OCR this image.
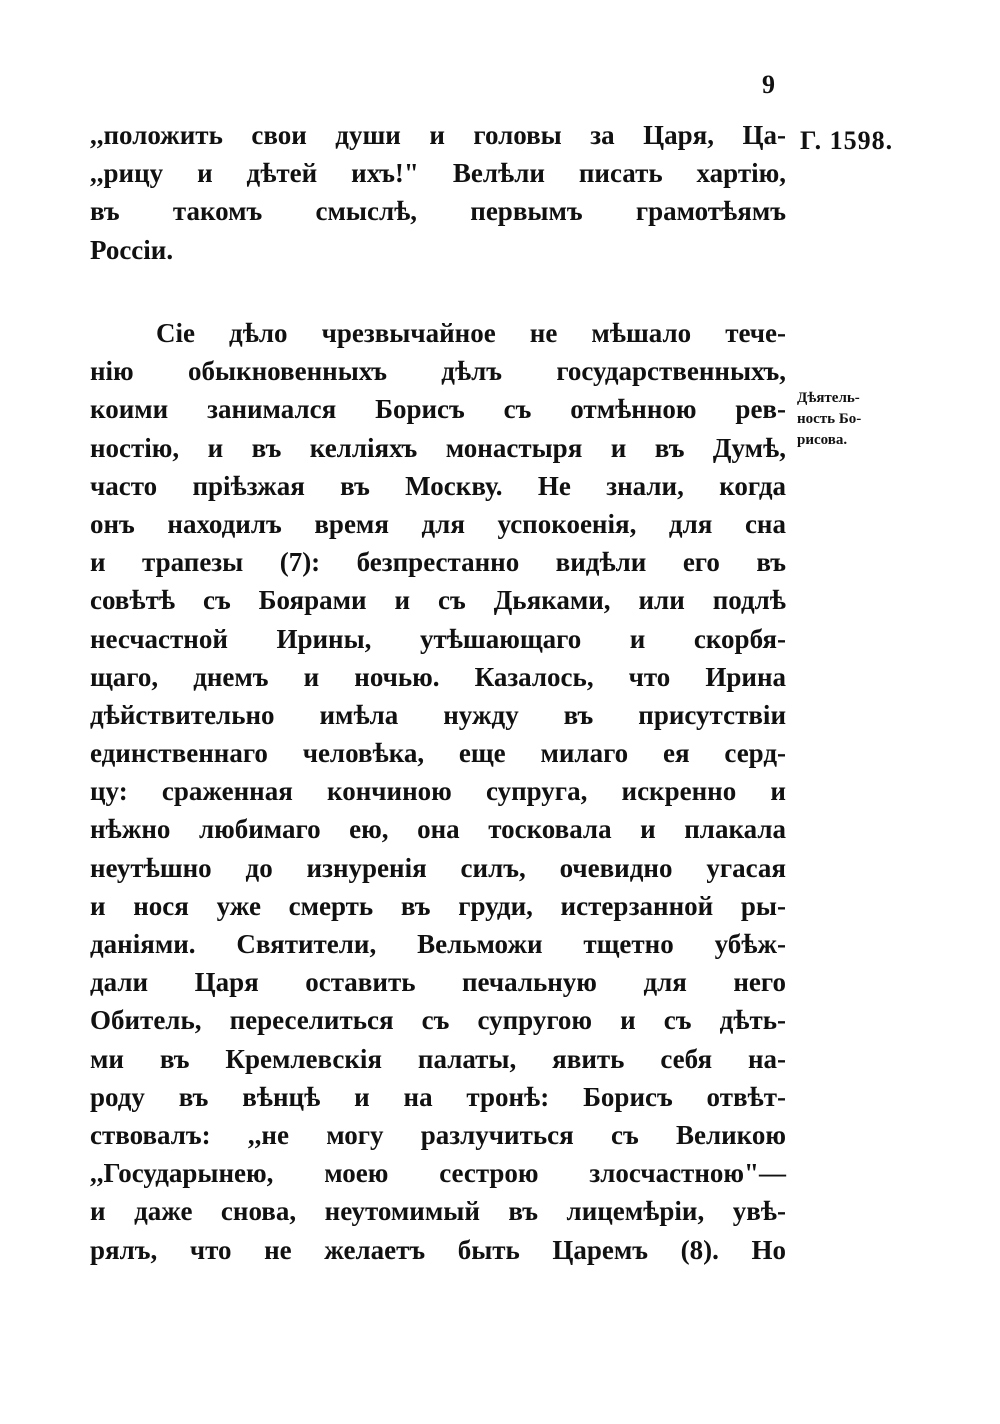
9
Г. 1598.
Дѣятель-
ность Бо-
рисова.
,,положить свои души и головы за Царя, Ца-
,,рицу и дѣтей ихъ!" Велѣли писать хартію,
въ такомъ смыслѣ, первымъ грамотѣямъ
Россіи.
Сіе дѣло чрезвычайное не мѣшало тече-
нію обыкновенныхъ дѣлъ государственныхъ,
коими занимался Борисъ съ отмѣнною рев-
ностію, и въ келліяхъ монастыря и въ Думѣ,
часто пріѣзжая въ Москву. Не знали, когда
онъ находилъ время для успокоенія, для сна
и трапезы (7): безпрестанно видѣли его въ
совѣтѣ съ Боярами и съ Дьяками, или подлѣ
несчастной Ирины, утѣшающаго и скорбя-
щаго, днемъ и ночью. Казалось, что Ирина
дѣйствительно имѣла нужду въ присутствіи
единственнаго человѣка, еще милаго ея серд-
цу: сраженная кончиною супруга, искренно и
нѣжно любимаго ею, она тосковала и плакала
неутѣшно до изнуренія силъ, очевидно угасая
и нося уже смерть въ груди, истерзанной ры-
даніями. Святители, Вельможи тщетно убѣж-
дали Царя оставить печальную для него
Обитель, переселиться съ супругою и съ дѣть-
ми въ Кремлевскія палаты, явить себя на-
роду въ вѣнцѣ и на тронѣ: Борисъ отвѣт-
ствовалъ: ,,не могу разлучиться съ Великою
,,Государынею, моею сестрою злосчастною"—
и даже снова, неутомимый въ лицемѣріи, увѣ-
рялъ, что не желаетъ быть Царемъ (8). Но
